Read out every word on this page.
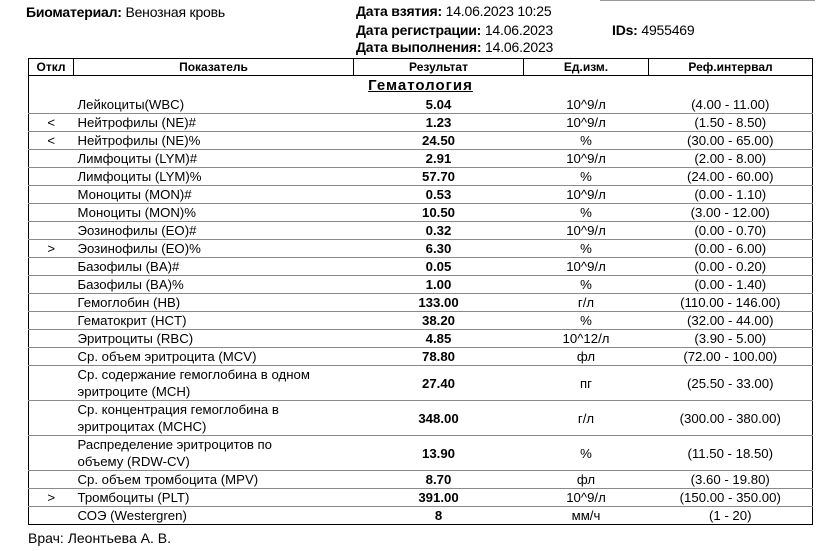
Биоматериал: Венозная кровь	Дата взятия: 14.06.2023 10:25
Дата регистрации: 14.06.2023
Дата выполнения: 14.06.2023
IDs: 4955469
Откл	Показатель	Результат	Ед.изм.	Реф.интервал
Гематология				
	Лейкоциты(WBC)	5.04	10^9/л	(4.00 - 11.00)
<	Нейтрофилы (NE)#	1.23	10^9/л	(1.50 - 8.50)
<	Нейтрофилы (NE)%	24.50	%	(30.00 - 65.00)
	Лимфоциты (LYM)#	2.91	10^9/л	(2.00 - 8.00)
	Лимфоциты (LYM)%	57.70	%	(24.00 - 60.00)
	Моноциты (MON)#	0.53	10^9/л	(0.00 - 1.10)
	Моноциты (MON)%	10.50	%	(3.00 - 12.00)
	Эозинофилы (EO)#	0.32	10^9/л	(0.00 - 0.70)
>	Эозинофилы (EO)%	6.30	%	(0.00 - 6.00)
	Базофилы (BA)#	0.05	10^9/л	(0.00 - 0.20)
	Базофилы (BA)%	1.00	%	(0.00 - 1.40)
	Гемоглобин (HB)	133.00	г/л	(110.00 - 146.00)
	Гематокрит (HCT)	38.20	%	(32.00 - 44.00)
	Эритроциты (RBC)	4.85	10^12/л	(3.90 - 5.00)
	Ср. объем эритроцита (MCV)	78.80	фл	(72.00 - 100.00)

	Ср. содержание гемоглобина в одном
эритроците (MCH)	27.40	пг	(25.50 - 33.00)

	Ср. концентрация гемоглобина в
эритроцитах (MCHC)	348.00	г/л	(300.00 - 380.00)

	Распределение эритроцитов по
объему (RDW-CV)	13.90	%	(11.50 - 18.50)
	Ср. объем тромбоцита (MPV)	8.70	фл	(3.60 - 19.80)
>	Тромбоциты (PLT)	391.00	10^9/л	(150.00 - 350.00)
	СОЭ (Westergren)	8	мм/ч	(1 - 20)
Врач: Леонтьева А. В.
